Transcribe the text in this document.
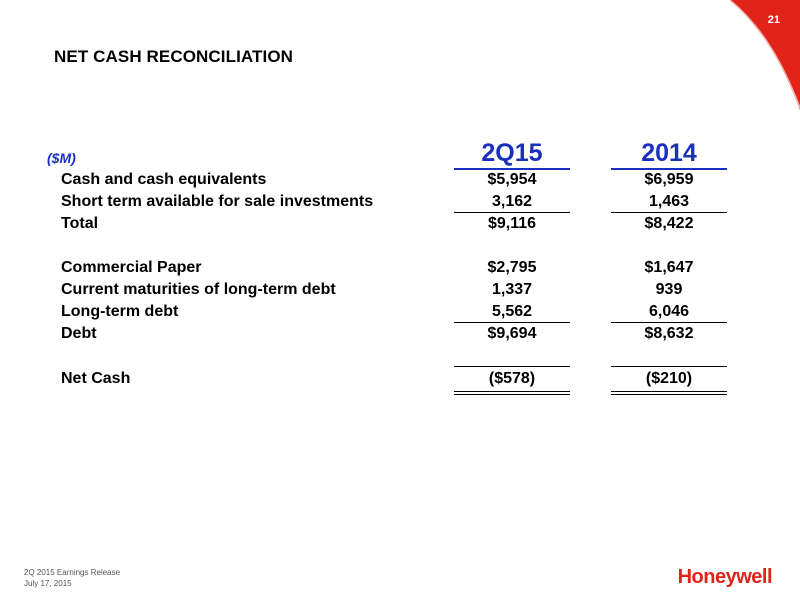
21
NET CASH RECONCILIATION
($M)	2Q15	2014
Cash and cash equivalents	$5,954	$6,959
Short term available for sale investments	3,162	1,463
Total	$9,116	$8,422
Commercial Paper	$2,795	$1,647
Current maturities of long-term debt	1,337	939
Long-term debt	5,562	6,046
Debt	$9,694	$8,632
Net Cash	($578)	($210)
2Q 2015 Earnings Release
July 17, 2015	Honeywell
